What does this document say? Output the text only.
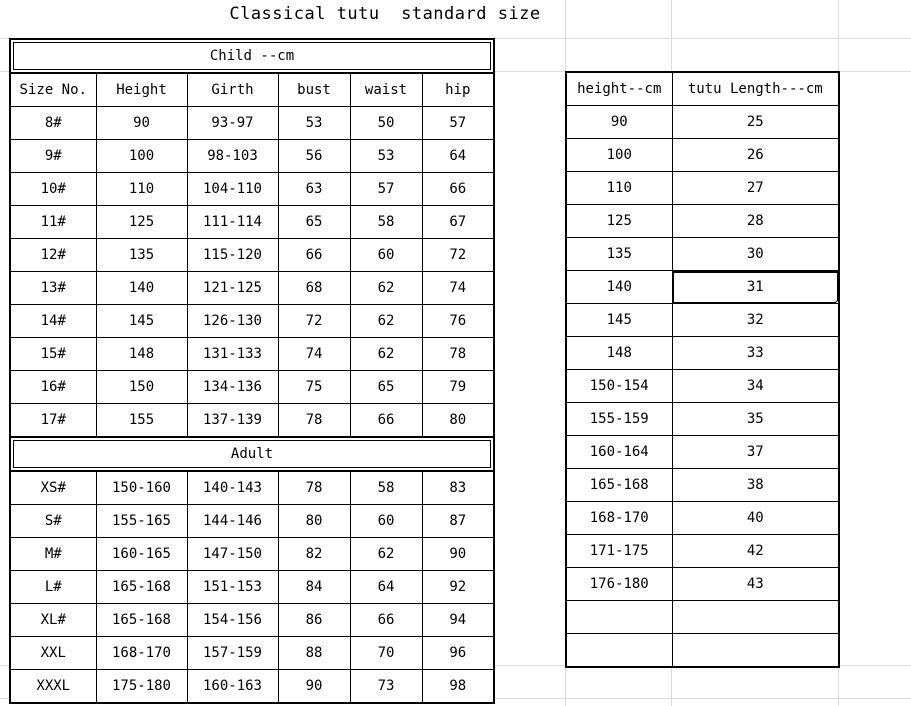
Classical tutu  standard size
Child --cm					
Size No.	Height	Girth	bust	waist	hip
8#	90	93-97	53	50	57
9#	100	98-103	56	53	64
10#	110	104-110	63	57	66
11#	125	111-114	65	58	67
12#	135	115-120	66	60	72
13#	140	121-125	68	62	74
14#	145	126-130	72	62	76
15#	148	131-133	74	62	78
16#	150	134-136	75	65	79
17#	155	137-139	78	66	80
Adult					
XS#	150-160	140-143	78	58	83
S#	155-165	144-146	80	60	87
M#	160-165	147-150	82	62	90
L#	165-168	151-153	84	64	92
XL#	165-168	154-156	86	66	94
XXL	168-170	157-159	88	70	96
XXXL	175-180	160-163	90	73	98
height--cm	tutu Length---cm
90	25
100	26
110	27
125	28
135	30
140	31

145	32
148	33
150-154	34
155-159	35
160-164	37
165-168	38
168-170	40
171-175	42
176-180	43
